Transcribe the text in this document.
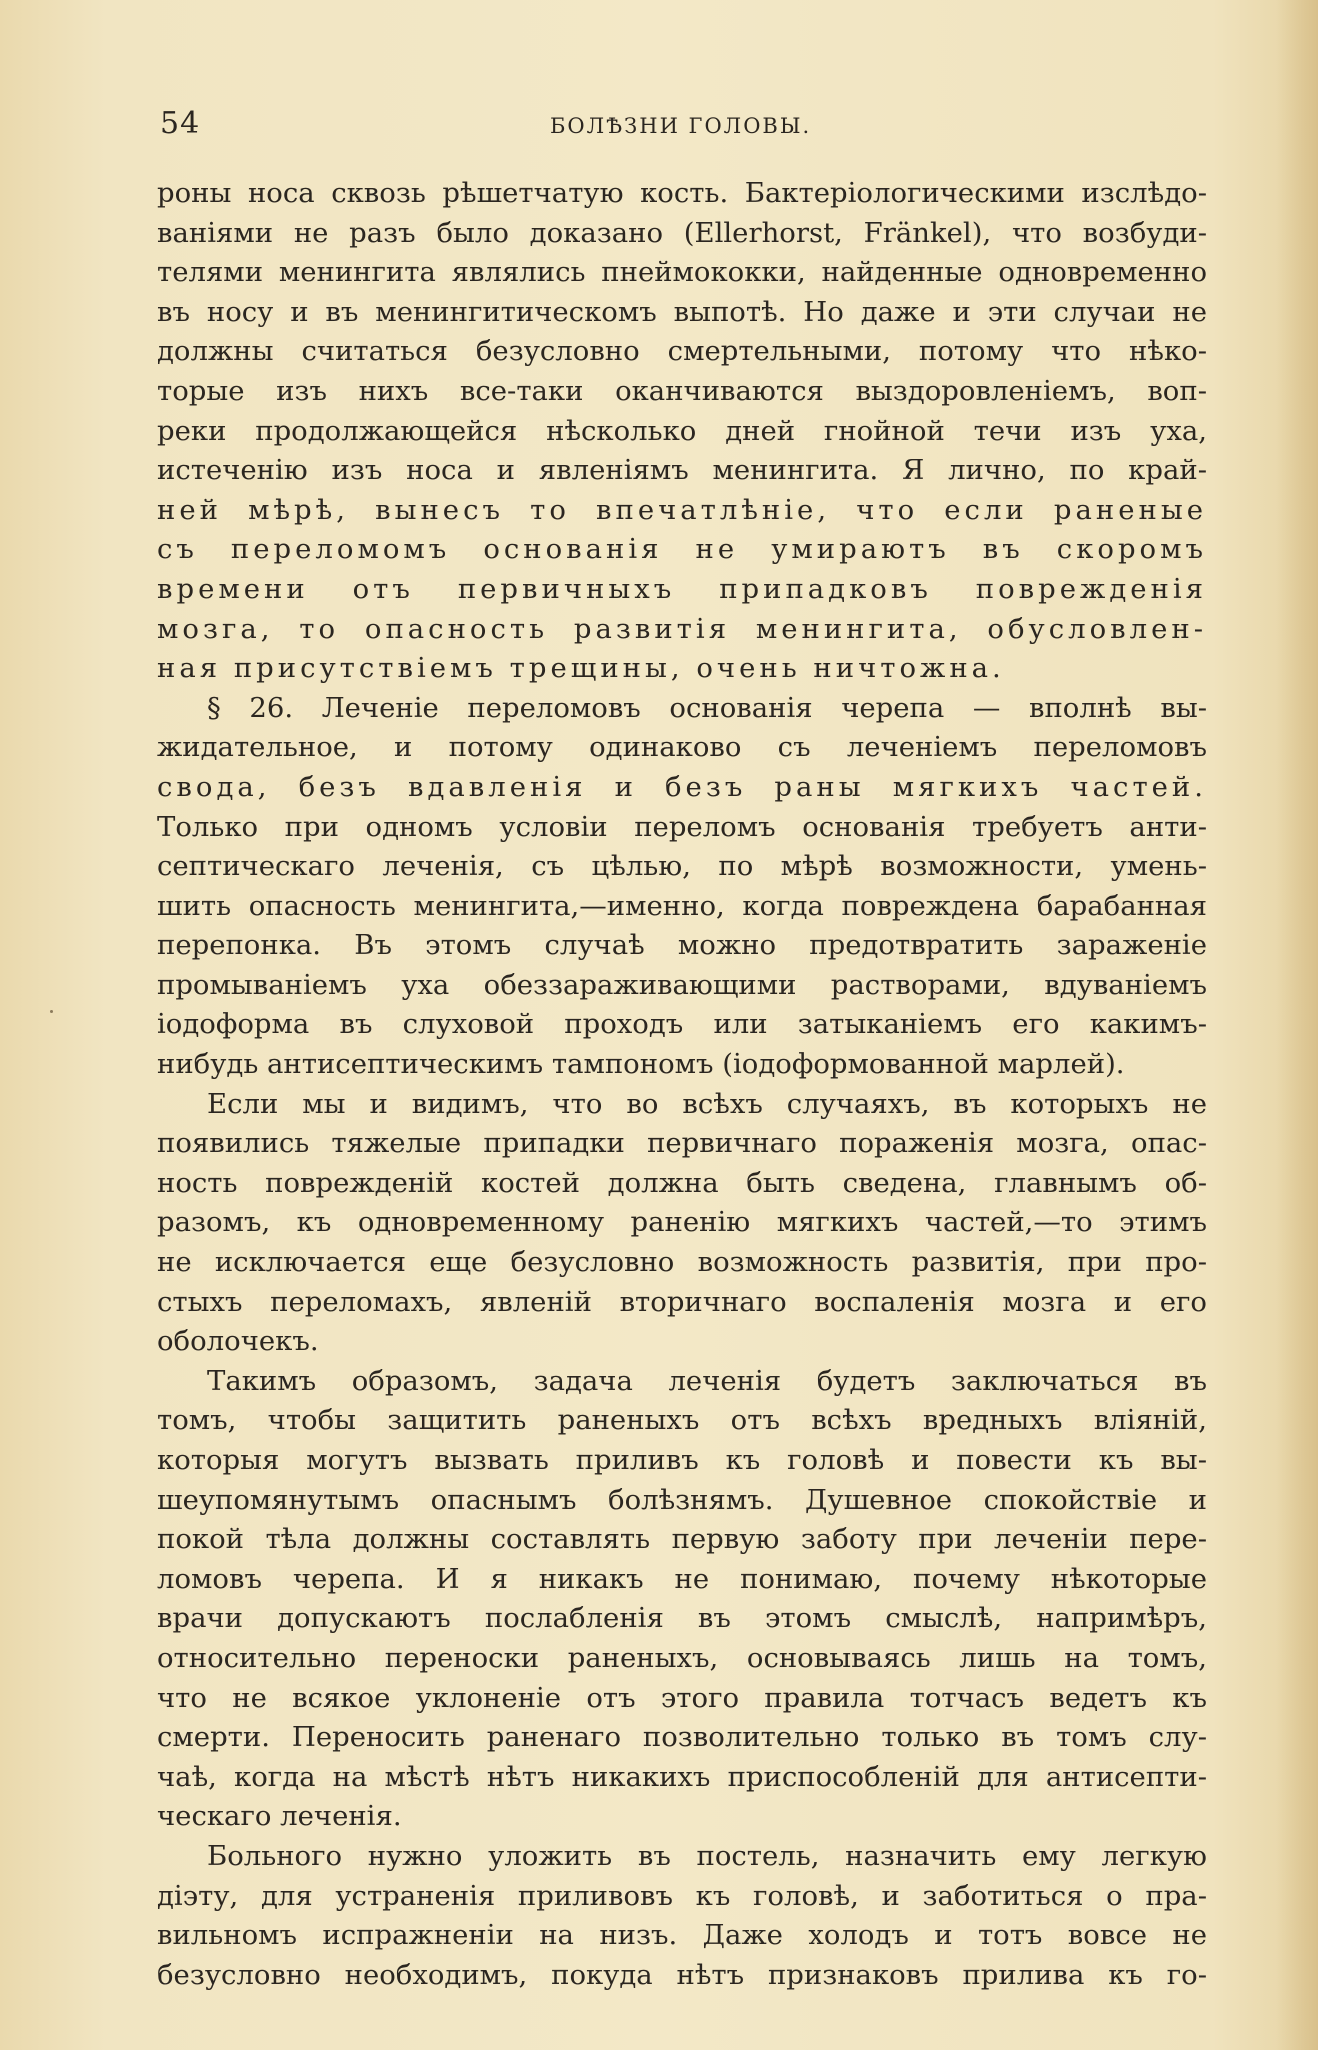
54	БОЛѢЗНИ ГОЛОВЫ.
роны носа сквозь рѣшетчатую кость. Бактеріологическими изслѣдо-
ваніями не разъ было доказано (Ellerhorst, Fränkel), что возбуди-
телями менингита являлись пнеймококки, найденные одновременно
въ носу и въ менингитическомъ выпотѣ. Но даже и эти случаи не
должны считаться безусловно смертельными, потому что нѣко-
торые изъ нихъ все-таки оканчиваются выздоровленіемъ, воп-
реки продолжающейся нѣсколько дней гнойной течи изъ уха,
истеченію изъ носа и явленіямъ менингита. Я лично, по край-
ней мѣрѣ, вынесъ то впечатлѣніе, что если раненые
съ переломомъ основанія не умираютъ въ скоромъ
времени отъ первичныхъ припадковъ поврежденія
мозга, то опасность развитія менингита, обусловлен-
ная присутствіемъ трещины, очень ничтожна.
§ 26. Леченіе переломовъ основанія черепа — вполнѣ вы-
жидательное, и потому одинаково съ леченіемъ переломовъ
свода, безъ вдавленія и безъ раны мягкихъ частей.
Только при одномъ условіи переломъ основанія требуетъ анти-
септическаго леченія, съ цѣлью, по мѣрѣ возможности, умень-
шить опасность менингита,—именно, когда повреждена барабанная
перепонка. Въ этомъ случаѣ можно предотвратить зараженіе
промываніемъ уха обеззараживающими растворами, вдуваніемъ
іодоформа въ слуховой проходъ или затыканіемъ его какимъ-
нибудь антисептическимъ тампономъ (іодоформованной марлей).
Если мы и видимъ, что во всѣхъ случаяхъ, въ которыхъ не
появились тяжелые припадки первичнаго пораженія мозга, опас-
ность поврежденій костей должна быть сведена, главнымъ об-
разомъ, къ одновременному раненію мягкихъ частей,—то этимъ
не исключается еще безусловно возможность развитія, при про-
стыхъ переломахъ, явленій вторичнаго воспаленія мозга и его
оболочекъ.
Такимъ образомъ, задача леченія будетъ заключаться въ
томъ, чтобы защитить раненыхъ отъ всѣхъ вредныхъ вліяній,
которыя могутъ вызвать приливъ къ головѣ и повести къ вы-
шеупомянутымъ опаснымъ болѣзнямъ. Душевное спокойствіе и
покой тѣла должны составлять первую заботу при леченіи пере-
ломовъ черепа. И я никакъ не понимаю, почему нѣкоторые
врачи допускаютъ послабленія въ этомъ смыслѣ, напримѣръ,
относительно переноски раненыхъ, основываясь лишь на томъ,
что не всякое уклоненіе отъ этого правила тотчасъ ведетъ къ
смерти. Переносить раненаго позволительно только въ томъ слу-
чаѣ, когда на мѣстѣ нѣтъ никакихъ приспособленій для антисепти-
ческаго леченія.
Больного нужно уложить въ постель, назначить ему легкую
діэту, для устраненія приливовъ къ головѣ, и заботиться о пра-
вильномъ испражненіи на низъ. Даже холодъ и тотъ вовсе не
безусловно необходимъ, покуда нѣтъ признаковъ прилива къ го-
